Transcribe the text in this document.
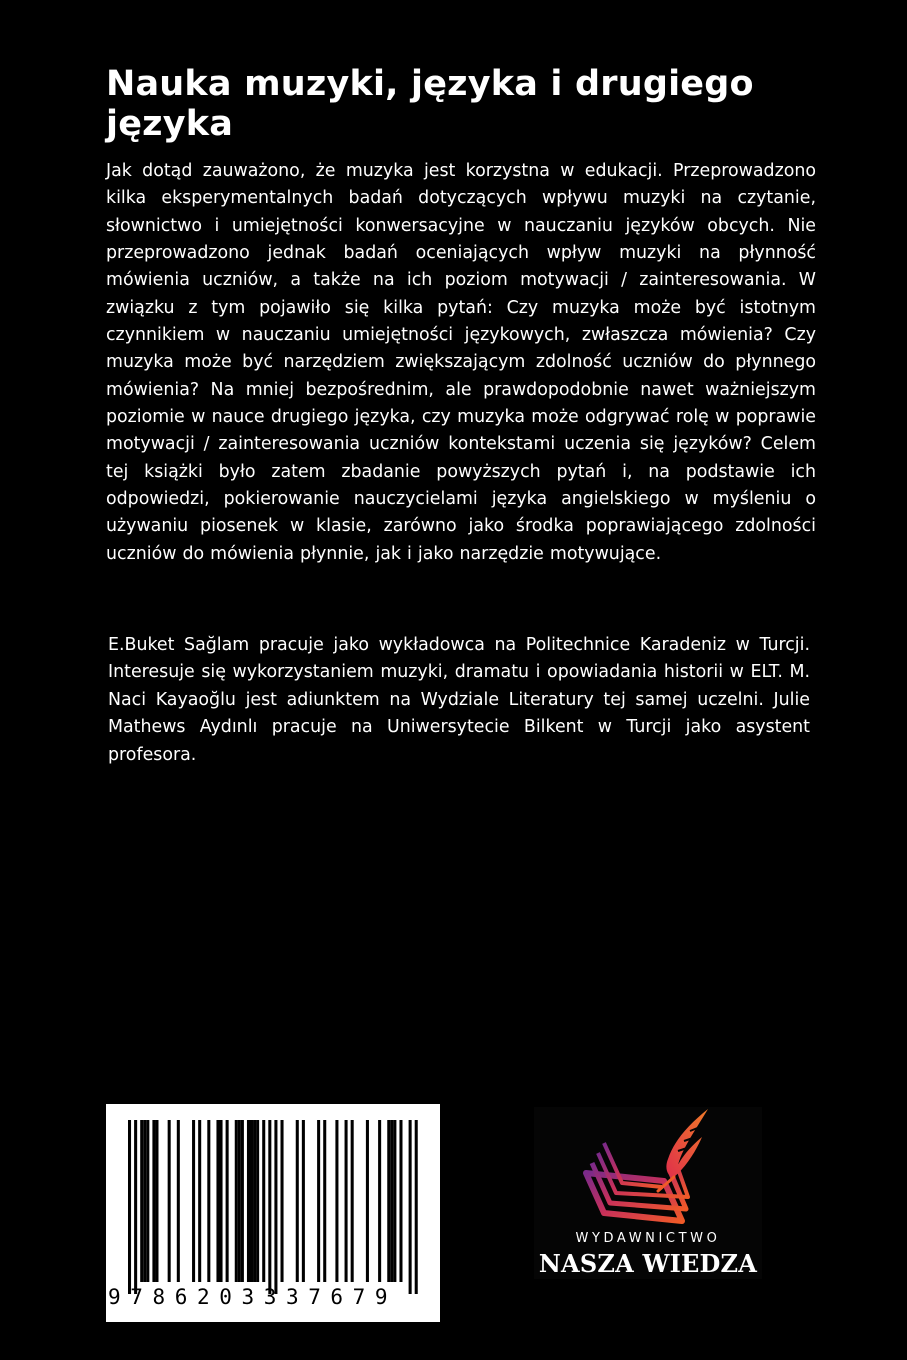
Nauka muzyki, języka i drugiego języka

Jak dotąd zauważono, że muzyka jest korzystna w edukacji. Przeprowadzono kilka eksperymentalnych badań dotyczących wpływu muzyki na czytanie, słownictwo i umiejętności konwersacyjne w nauczaniu języków obcych. Nie przeprowadzono jednak badań oceniających wpływ muzyki na płynność mówienia uczniów, a także na ich poziom motywacji / zainteresowania. W związku z tym pojawiło się kilka pytań: Czy muzyka może być istotnym czynnikiem w nauczaniu umiejętności językowych, zwłaszcza mówienia? Czy muzyka może być narzędziem zwiększającym zdolność uczniów do płynnego mówienia? Na mniej bezpośrednim, ale prawdopodobnie nawet ważniejszym poziomie w nauce drugiego języka, czy muzyka może odgrywać rolę w poprawie motywacji / zainteresowania uczniów kontekstami uczenia się języków? Celem tej książki było zatem zbadanie powyższych pytań i, na podstawie ich odpowiedzi, pokierowanie nauczycielami języka angielskiego w myśleniu o używaniu piosenek w klasie, zarówno jako środka poprawiającego zdolności uczniów do mówienia płynnie, jak i jako narzędzie motywujące.

E.Buket Sağlam pracuje jako wykładowca na Politechnice Karadeniz w Turcji. Interesuje się wykorzystaniem muzyki, dramatu i opowiadania historii w ELT. M. Naci Kayaoğlu jest adiunktem na Wydziale Literatury tej samej uczelni. Julie Mathews Aydınlı pracuje na Uniwersytecie Bilkent w Turcji jako asystent profesora.

9786203337679
WYDAWNICTWO
NASZA WIEDZA
